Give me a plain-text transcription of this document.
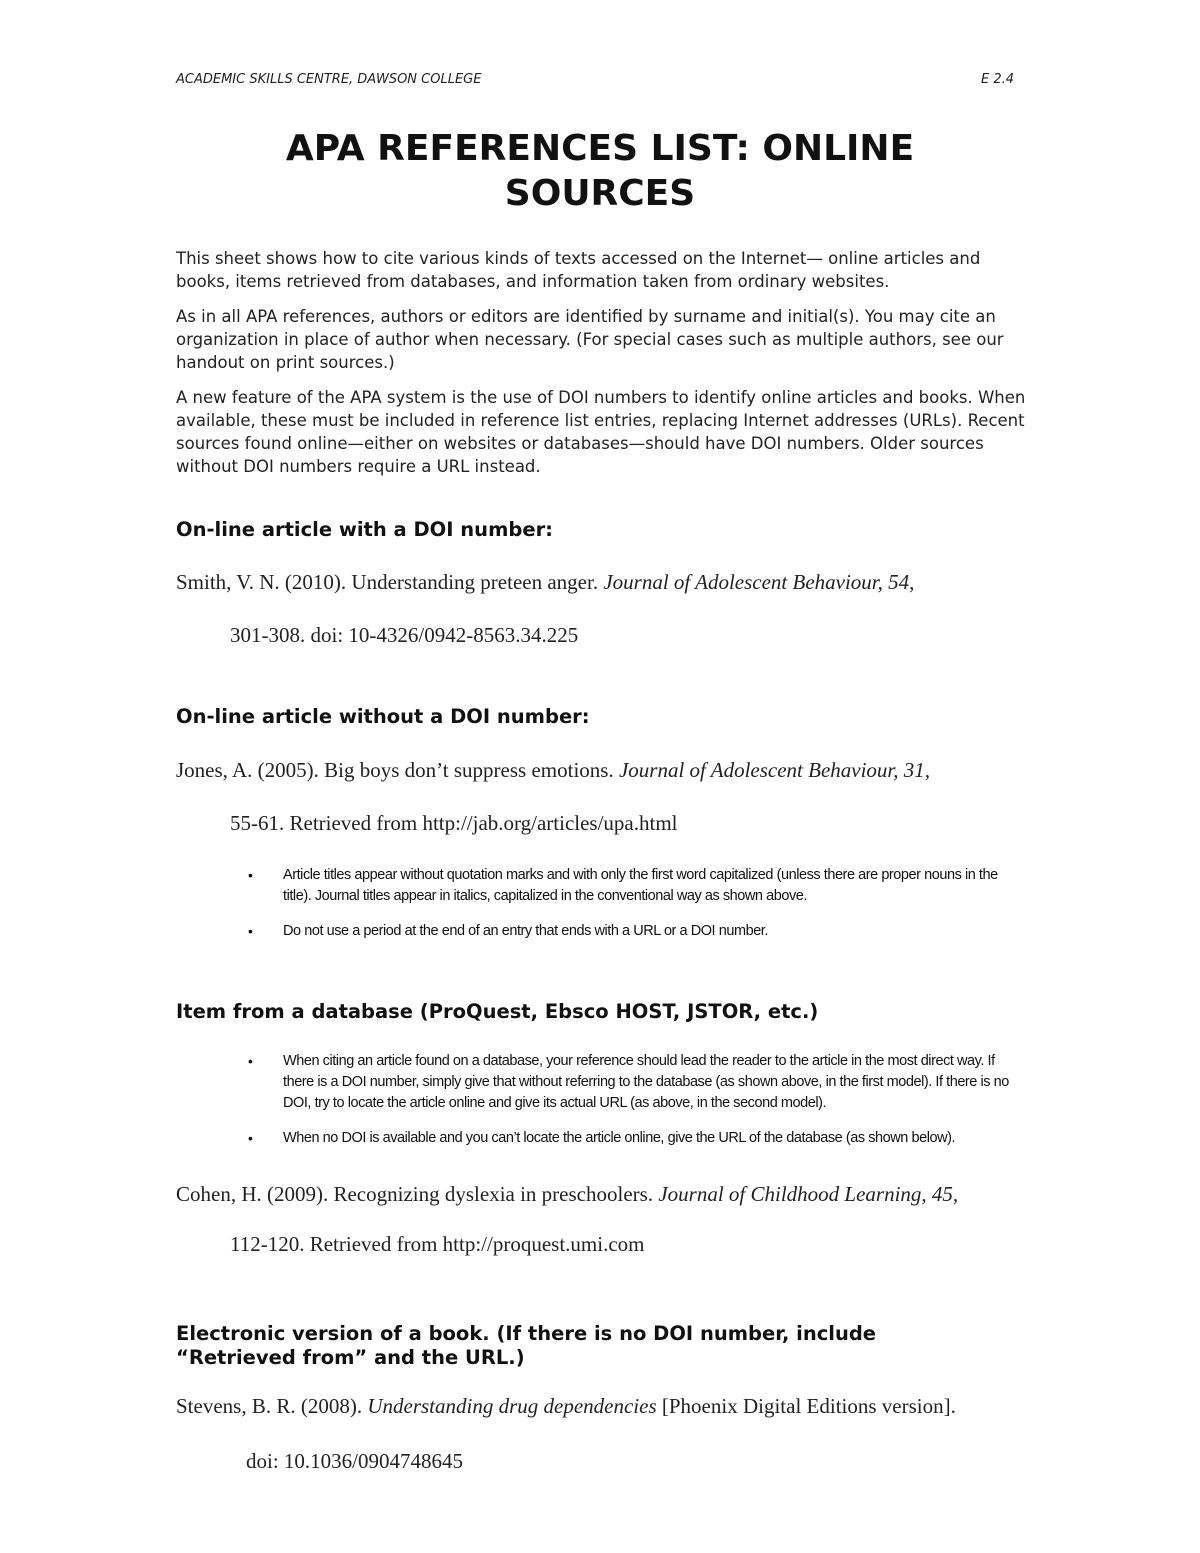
ACADEMIC SKILLS CENTRE, DAWSON COLLEGE	E 2.4
APA REFERENCES LIST: ONLINE
SOURCES

This sheet shows how to cite various kinds of texts accessed on the Internet— online articles and books, items retrieved from databases, and information taken from ordinary websites.

As in all APA references, authors or editors are identified by surname and initial(s). You may cite an organization in place of author when necessary. (For special cases such as multiple authors, see our handout on print sources.)

A new feature of the APA system is the use of DOI numbers to identify online articles and books. When available, these must be included in reference list entries, replacing Internet addresses (URLs). Recent sources found online—either on websites or databases—should have DOI numbers. Older sources without DOI numbers require a URL instead.

On-line article with a DOI number:
Smith, V. N. (2010). Understanding preteen anger. Journal of Adolescent Behaviour, 54,
301-308. doi: 10-4326/0942-8563.34.225
On-line article without a DOI number:
Jones, A. (2005). Big boys don’t suppress emotions. Journal of Adolescent Behaviour, 31,
55-61. Retrieved from http://jab.org/articles/upa.html
• Article titles appear without quotation marks and with only the first word capitalized (unless there are proper nouns in the title). Journal titles appear in italics, capitalized in the conventional way as shown above.
• Do not use a period at the end of an entry that ends with a URL or a DOI number.
Item from a database (ProQuest, Ebsco HOST, JSTOR, etc.)
• When citing an article found on a database, your reference should lead the reader to the article in the most direct way. If there is a DOI number, simply give that without referring to the database (as shown above, in the first model). If there is no DOI, try to locate the article online and give its actual URL (as above, in the second model).
• When no DOI is available and you can’t locate the article online, give the URL of the database (as shown below).
Cohen, H. (2009). Recognizing dyslexia in preschoolers. Journal of Childhood Learning, 45,
112-120. Retrieved from http://proquest.umi.com
Electronic version of a book. (If there is no DOI number, include
“Retrieved from” and the URL.)
Stevens, B. R. (2008). Understanding drug dependencies [Phoenix Digital Editions version].
doi: 10.1036/0904748645
